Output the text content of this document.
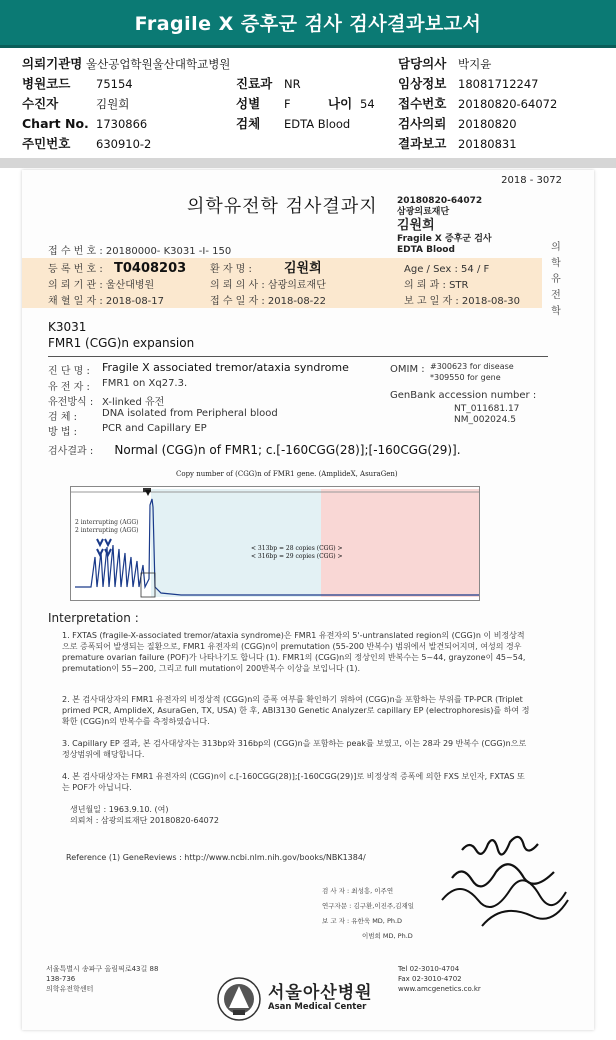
Fragile X 증후군 검사 검사결과보고서
의뢰기관명 울산공업학원울산대학교병원	담당의사 박지윤
병원코드 75154	진료과 NR	임상정보 18081712247
수진자	김원희	성별 F	나이 54 접수번호 20180820-64072
Chart No. 1730866	검체 EDTA Blood	검사의뢰 20180820
주민번호 630910-2	결과보고 20180831
2018 - 3072
의학유전학 검사결과지 20180820-64072
삼광의료재단
김원희
Fragile X 증후군 검사
EDTA Blood	의
학
유
전
학
접 수 번 호 : 20180000- K3031 -I- 150
등 록 번 호 : T0408203 환 자 명 : 김원희	Age / Sex : 54 / F
의 뢰 기 관 : 울산대병원	의 뢰 의 사 : 삼광의료재단	의 뢰 과 : STR
채 혈 일 자 : 2018-08-17	접 수 일 자 : 2018-08-22	보 고 일 자 : 2018-08-30
K3031
FMR1 (CGG)n expansion
진 단 명 : Fragile X associated tremor/ataxia syndrome
유 전 자 : FMR1 on Xq27.3.
유전방식 : X-linked 유전
검 체 : DNA isolated from Peripheral blood
방 법 : PCR and Capillary EP
OMIM : #300623 for disease
*309550 for gene
GenBank accession number :
NT_011681.17
NM_002024.5
검사결과 : Normal (CGG)n of FMR1; c.[-160CGG(28)];[-160CGG(29)].
Copy number of (CGG)n of FMR1 gene. (AmplideX, AsuraGen)
2 interrupting (AGG)
2 interrupting (AGG)
< 313bp = 28 copies (CGG) >
< 316bp = 29 copies (CGG) >
Interpretation :
1. FXTAS (fragile-X-associated tremor/ataxia syndrome)은 FMR1 유전자의 5'-untranslated region의 (CGG)n 이 비정상적으로 증폭되어 발생되는 질환으로, FMR1 유전자의 (CGG)n이 premutation (55-200 반복수) 범위에서 발견되어지며, 여성의 경우 premature ovarian failure (POF)가 나타나기도 합니다 (1). FMR1의 (CGG)n의 정상인의 반복수는 5~44, grayzone이 45~54, premutation이 55~200, 그리고 full mutation이 200반복수 이상을 보입니다 (1).
2. 본 검사대상자의 FMR1 유전자의 비정상적 (CGG)n의 증폭 여부를 확인하기 위하여 (CGG)n을 포함하는 부위를 TP-PCR (Triplet primed PCR, AmplideX, AsuraGen, TX, USA) 한 후, ABI3130 Genetic Analyzer로 capillary EP (electrophoresis)를 하여 정확한 (CGG)n의 반복수를 측정하였습니다.
3. Capillary EP 결과, 본 검사대상자는 313bp와 316bp의 (CGG)n을 포함하는 peak를 보였고, 이는 28과 29 반복수 (CGG)n으로 정상범위에 해당합니다.
4. 본 검사대상자는 FMR1 유전자의 (CGG)n이 c.[-160CGG(28)];[-160CGG(29)]로 비정상적 증폭에 의한 FXS 보인자, FXTAS 또는 POF가 아닙니다.
생년월일 : 1963.9.10. (여)
의뢰처 : 삼광의료재단 20180820-64072
Reference (1) GeneReviews : http://www.ncbi.nlm.nih.gov/books/NBK1384/
검 사 자 : 최성흥, 이주연
연구자문 : 김구환,이진주,김재일
보 고 자 : 유한욱 MD, Ph.D
이범희 MD, Ph.D
서울특별시 송파구 올림픽로43길 88
138-736
의학유전학센터	서울아산병원
Asan Medical Center
Tel 02-3010-4704
Fax 02-3010-4702
www.amcgenetics.co.kr
